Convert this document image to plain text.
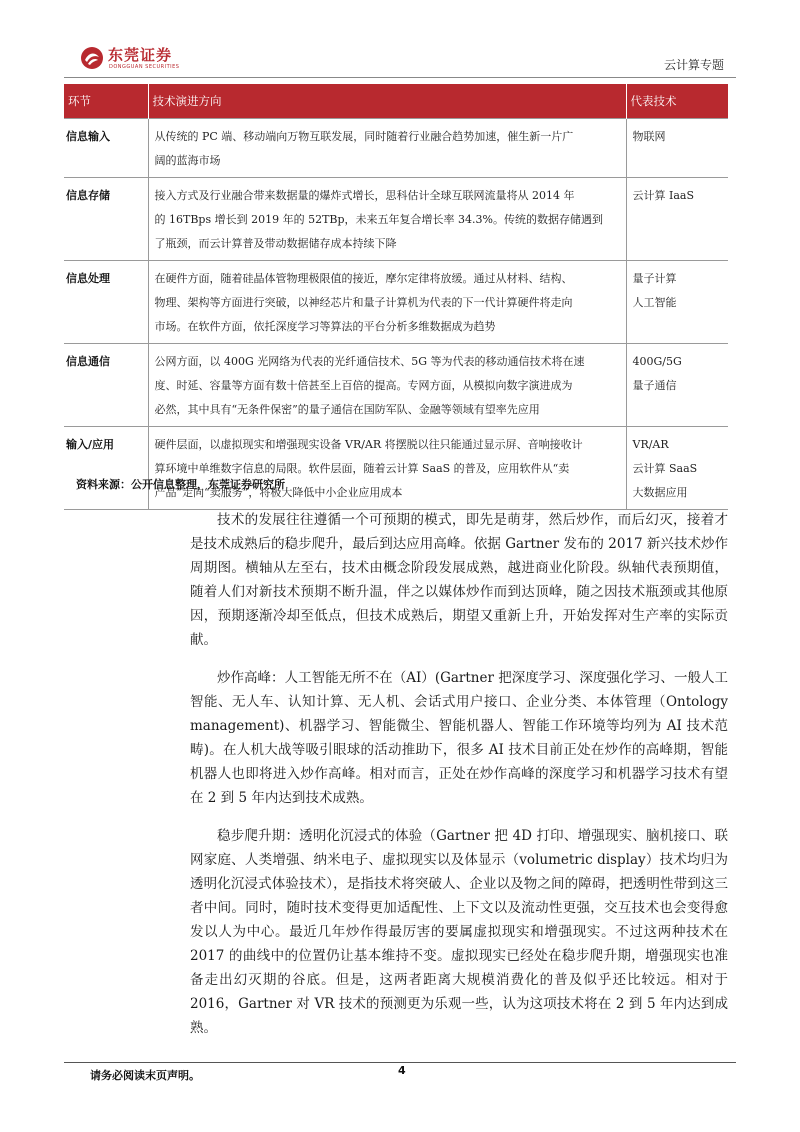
东莞证券
DONGGUAN SECURITIES	云计算专题
环节	技术演进方向	代表技术
信息输入	从传统的 PC 端、移动端向万物互联发展，同时随着行业融合趋势加速，催生新一片广
阔的蓝海市场	物联网

信息存储	接入方式及行业融合带来数据量的爆炸式增长，思科估计全球互联网流量将从 2014 年
的 16TBps 增长到 2019 年的 52TBp，未来五年复合增长率 34.3%。传统的数据存储遇到
了瓶颈，而云计算普及带动数据储存成本持续下降	云计算 IaaS

信息处理	在硬件方面，随着硅晶体管物理极限值的接近，摩尔定律将放缓。通过从材料、结构、
物理、架构等方面进行突破，以神经芯片和量子计算机为代表的下一代计算硬件将走向
市场。在软件方面，依托深度学习等算法的平台分析多维数据成为趋势	量子计算
人工智能

信息通信	公网方面，以 400G 光网络为代表的光纤通信技术、5G 等为代表的移动通信技术将在速
度、时延、容量等方面有数十倍甚至上百倍的提高。专网方面，从模拟向数字演进成为
必然，其中具有“无条件保密”的量子通信在国防军队、金融等领域有望率先应用	400G/5G
量子通信

输入/应用	硬件层面，以虚拟现实和增强现实设备 VR/AR 将摆脱以往只能通过显示屏、音响接收计
算环境中单维数字信息的局限。软件层面，随着云计算 SaaS 的普及，应用软件从“卖
产品”走向“卖服务”，将极大降低中小企业应用成本	VR/AR
云计算 SaaS
大数据应用
资料来源：公开信息整理，东莞证券研究所

技术的发展往往遵循一个可预期的模式，即先是萌芽，然后炒作，而后幻灭，接着才是技术成熟后的稳步爬升，最后到达应用高峰。依据 Gartner 发布的 2017 新兴技术炒作周期图。横轴从左至右，技术由概念阶段发展成熟，越进商业化阶段。纵轴代表预期值，随着人们对新技术预期不断升温，伴之以媒体炒作而到达顶峰，随之因技术瓶颈或其他原因，预期逐渐冷却至低点，但技术成熟后，期望又重新上升，开始发挥对生产率的实际贡献。

炒作高峰：人工智能无所不在（AI）(Gartner 把深度学习、深度强化学习、一般人工智能、无人车、认知计算、无人机、会话式用户接口、企业分类、本体管理（Ontology management)、机器学习、智能微尘、智能机器人、智能工作环境等均列为 AI 技术范畴)。在人机大战等吸引眼球的活动推助下，很多 AI 技术目前正处在炒作的高峰期，智能机器人也即将进入炒作高峰。相对而言，正处在炒作高峰的深度学习和机器学习技术有望在 2 到 5 年内达到技术成熟。

稳步爬升期：透明化沉浸式的体验（Gartner 把 4D 打印、增强现实、脑机接口、联网家庭、人类增强、纳米电子、虚拟现实以及体显示（volumetric display）技术均归为透明化沉浸式体验技术），是指技术将突破人、企业以及物之间的障碍，把透明性带到这三者中间。同时，随时技术变得更加适配性、上下文以及流动性更强，交互技术也会变得愈发以人为中心。最近几年炒作得最厉害的要属虚拟现实和增强现实。不过这两种技术在 2017 的曲线中的位置仍让基本维持不变。虚拟现实已经处在稳步爬升期，增强现实也准备走出幻灭期的谷底。但是，这两者距离大规模消费化的普及似乎还比较远。相对于 2016，Gartner 对 VR 技术的预测更为乐观一些，认为这项技术将在 2 到 5 年内达到成熟。

请务必阅读末页声明。	4
